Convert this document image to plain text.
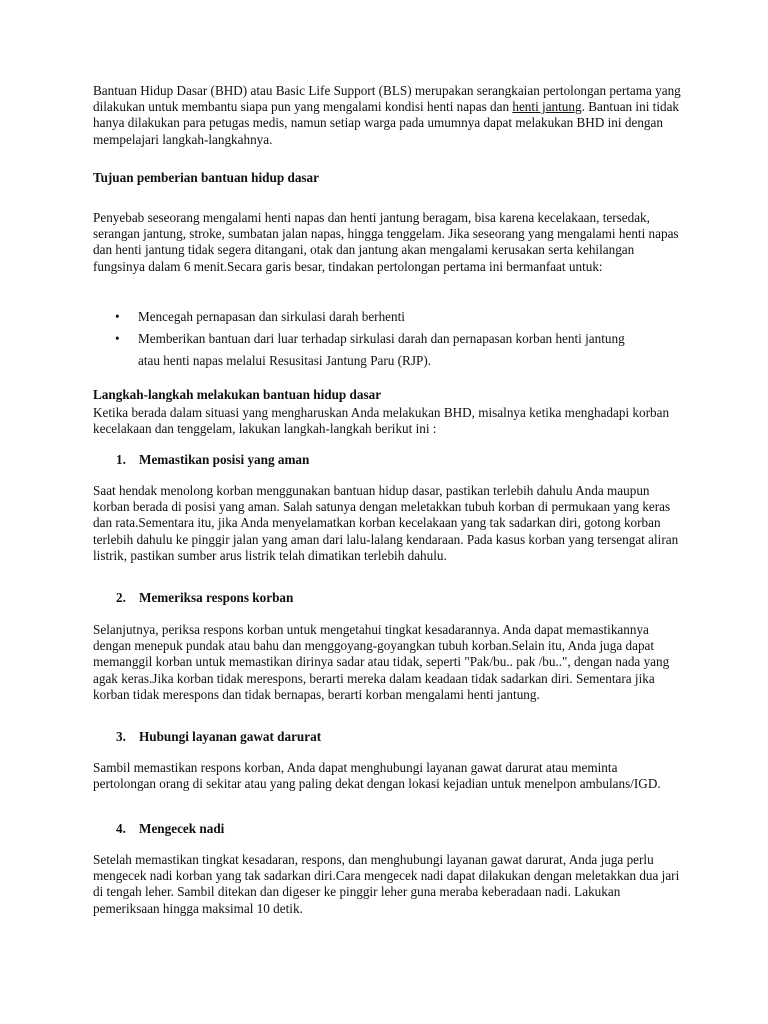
Bantuan Hidup Dasar (BHD) atau Basic Life Support (BLS) merupakan serangkaian pertolongan pertama yang dilakukan untuk membantu siapa pun yang mengalami kondisi henti napas dan henti jantung. Bantuan ini tidak hanya dilakukan para petugas medis, namun setiap warga pada umumnya dapat melakukan BHD ini dengan mempelajari langkah-langkahnya.

Tujuan pemberian bantuan hidup dasar

Penyebab seseorang mengalami henti napas dan henti jantung beragam, bisa karena kecelakaan, tersedak, serangan jantung, stroke, sumbatan jalan napas, hingga tenggelam. Jika seseorang yang mengalami henti napas dan henti jantung tidak segera ditangani, otak dan jantung akan mengalami kerusakan serta kehilangan fungsinya dalam 6 menit.Secara garis besar, tindakan pertolongan pertama ini bermanfaat untuk:

• Mencegah pernapasan dan sirkulasi darah berhenti
• Memberikan bantuan dari luar terhadap sirkulasi darah dan pernapasan korban henti jantung
atau henti napas melalui Resusitasi Jantung Paru (RJP).

Langkah-langkah melakukan bantuan hidup dasar

Ketika berada dalam situasi yang mengharuskan Anda melakukan BHD, misalnya ketika menghadapi korban kecelakaan dan tenggelam, lakukan langkah-langkah berikut ini :

1. Memastikan posisi yang aman

Saat hendak menolong korban menggunakan bantuan hidup dasar, pastikan terlebih dahulu Anda maupun korban berada di posisi yang aman. Salah satunya dengan meletakkan tubuh korban di permukaan yang keras dan rata.Sementara itu, jika Anda menyelamatkan korban kecelakaan yang tak sadarkan diri, gotong korban terlebih dahulu ke pinggir jalan yang aman dari lalu-lalang kendaraan. Pada kasus korban yang tersengat aliran listrik, pastikan sumber arus listrik telah dimatikan terlebih dahulu.

2. Memeriksa respons korban

Selanjutnya, periksa respons korban untuk mengetahui tingkat kesadarannya. Anda dapat memastikannya dengan menepuk pundak atau bahu dan menggoyang-goyangkan tubuh korban.Selain itu, Anda juga dapat memanggil korban untuk memastikan dirinya sadar atau tidak, seperti "Pak/bu.. pak /bu..", dengan nada yang agak keras.Jika korban tidak merespons, berarti mereka dalam keadaan tidak sadarkan diri. Sementara jika korban tidak merespons dan tidak bernapas, berarti korban mengalami henti jantung.

3. Hubungi layanan gawat darurat

Sambil memastikan respons korban, Anda dapat menghubungi layanan gawat darurat atau meminta pertolongan orang di sekitar atau yang paling dekat dengan lokasi kejadian untuk menelpon ambulans/IGD.

4. Mengecek nadi

Setelah memastikan tingkat kesadaran, respons, dan menghubungi layanan gawat darurat, Anda juga perlu mengecek nadi korban yang tak sadarkan diri.Cara mengecek nadi dapat dilakukan dengan meletakkan dua jari di tengah leher. Sambil ditekan dan digeser ke pinggir leher guna meraba keberadaan nadi. Lakukan pemeriksaan hingga maksimal 10 detik.
